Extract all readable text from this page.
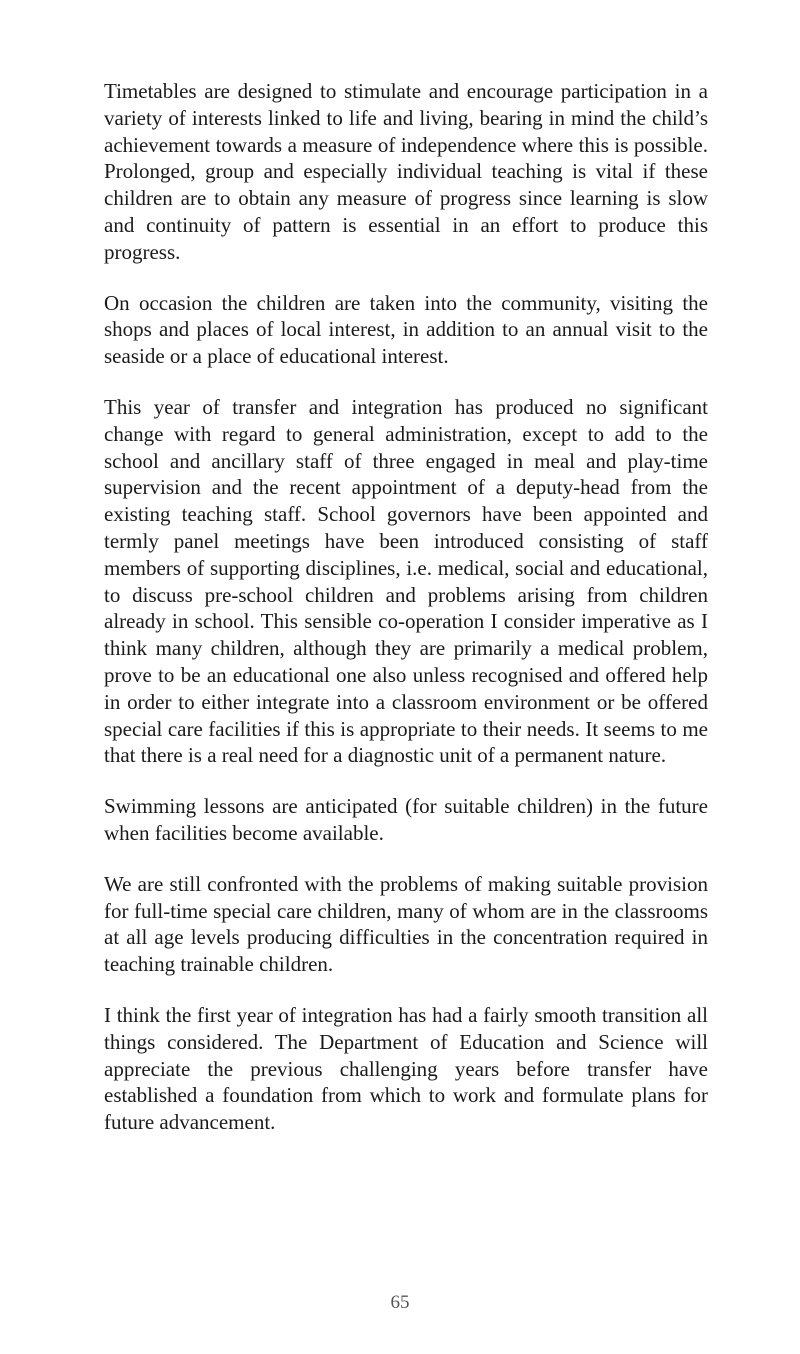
Timetables are designed to stimulate and encourage participation in a variety of interests linked to life and living, bearing in mind the child’s achievement towards a measure of independence where this is possible. Prolonged, group and especially individual teaching is vital if these children are to obtain any measure of progress since learning is slow and continuity of pattern is essential in an effort to produce this progress.

On occasion the children are taken into the community, visiting the shops and places of local interest, in addition to an annual visit to the seaside or a place of educational interest.

This year of transfer and integration has produced no significant change with regard to general administration, except to add to the school and ancillary staff of three engaged in meal and play-time supervision and the recent appointment of a deputy-head from the existing teaching staff. School governors have been appointed and termly panel meetings have been introduced consisting of staff members of supporting disciplines, i.e. medical, social and educational, to discuss pre-school children and problems arising from children already in school. This sensible co-operation I consider imperative as I think many children, although they are primarily a medical problem, prove to be an educational one also unless recognised and offered help in order to either integrate into a classroom environment or be offered special care facilities if this is appropriate to their needs. It seems to me that there is a real need for a diagnostic unit of a permanent nature.

Swimming lessons are anticipated (for suitable children) in the future when facilities become available.

We are still confronted with the problems of making suitable provision for full-time special care children, many of whom are in the classrooms at all age levels producing difficulties in the concentration required in teaching trainable children.

I think the first year of integration has had a fairly smooth transition all things considered. The Department of Education and Science will appreciate the previous challenging years before transfer have established a foundation from which to work and formulate plans for future advancement.

65
